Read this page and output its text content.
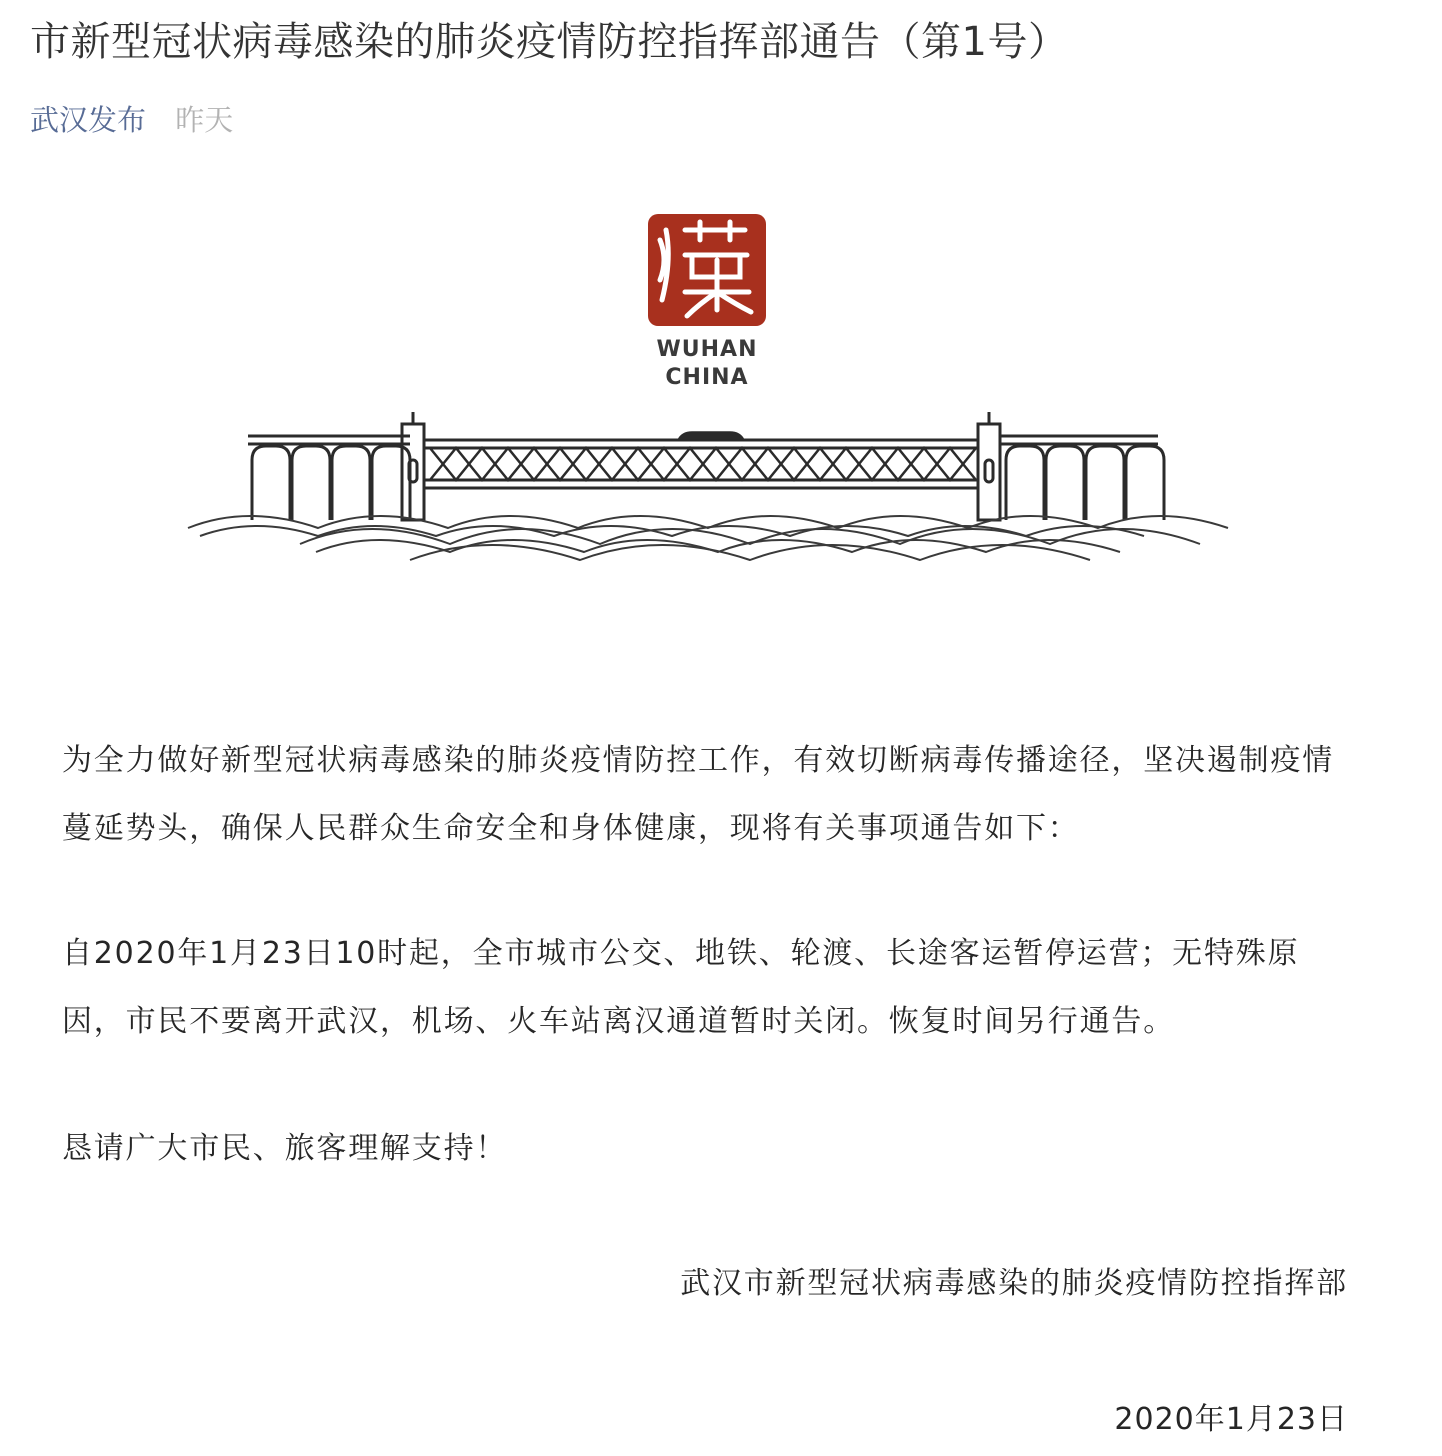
市新型冠状病毒感染的肺炎疫情防控指挥部通告（第1号）
武汉发布 昨天
WUHAN
CHINA
为全力做好新型冠状病毒感染的肺炎疫情防控工作，有效切断病毒传播途径，坚决遏制疫情蔓延势头，确保人民群众生命安全和身体健康，现将有关事项通告如下：
自2020年1月23日10时起，全市城市公交、地铁、轮渡、长途客运暂停运营；无特殊原因，市民不要离开武汉，机场、火车站离汉通道暂时关闭。恢复时间另行通告。
恳请广大市民、旅客理解支持！
武汉市新型冠状病毒感染的肺炎疫情防控指挥部
2020年1月23日
